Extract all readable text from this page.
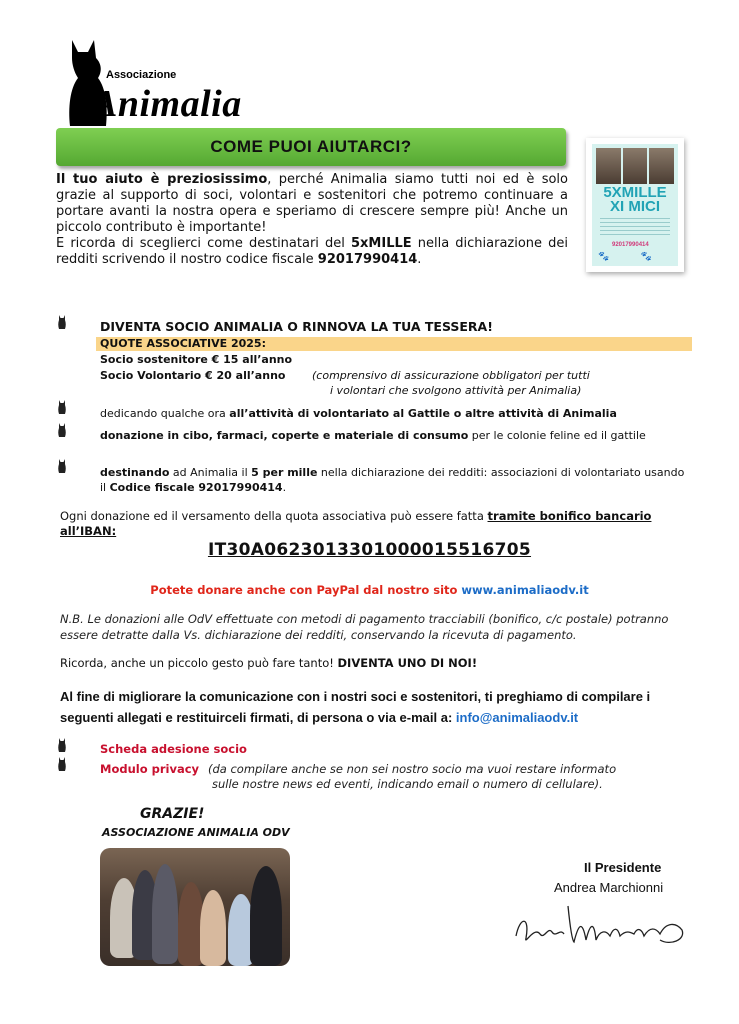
Associazione
Animalia
COME PUOI AIUTARCI?
5XMILLE
XI MICI
92017990414
🐾           🐾
Il tuo aiuto è preziosissimo, perché Animalia siamo tutti noi ed è solo grazie al supporto di soci, volontari e sostenitori che potremo continuare a portare avanti la nostra opera e speriamo di crescere sempre più! Anche un piccolo contributo è importante!
E ricorda di sceglierci come destinatari del 5xMILLE nella dichiarazione dei redditi scrivendo il nostro codice fiscale 92017990414.
DIVENTA SOCIO ANIMALIA O RINNOVA LA TUA TESSERA!
QUOTE ASSOCIATIVE 2025:
Socio sostenitore € 15 all’anno
Socio Volontario € 20 all’anno (comprensivo di assicurazione obbligatori per tutti
i volontari che svolgono attività per Animalia)
dedicando qualche ora all’attività di volontariato al Gattile o altre attività di Animalia
donazione in cibo, farmaci, coperte e materiale di consumo per le colonie feline ed il gattile
destinando ad Animalia il 5 per mille nella dichiarazione dei redditi: associazioni di volontariato usando il Codice fiscale 92017990414.
Ogni donazione ed il versamento della quota associativa può essere fatta tramite bonifico bancario all’IBAN:
IT30A0623013301000015516705
Potete donare anche con PayPal dal nostro sito www.animaliaodv.it
N.B. Le donazioni alle OdV effettuate con metodi di pagamento tracciabili (bonifico, c/c postale) potranno essere detratte dalla Vs. dichiarazione dei redditi, conservando la ricevuta di pagamento.
Ricorda, anche un piccolo gesto può fare tanto! DIVENTA UNO DI NOI!
Al fine di migliorare la comunicazione con i nostri soci e sostenitori, ti preghiamo di compilare i seguenti allegati e restituirceli firmati, di persona o via e-mail a: info@animaliaodv.it
Scheda adesione socio
Modulo privacy (da compilare anche se non sei nostro socio ma vuoi restare informato
sulle nostre news ed eventi, indicando email o numero di cellulare).
GRAZIE!
ASSOCIAZIONE ANIMALIA ODV
Il Presidente
Andrea Marchionni
